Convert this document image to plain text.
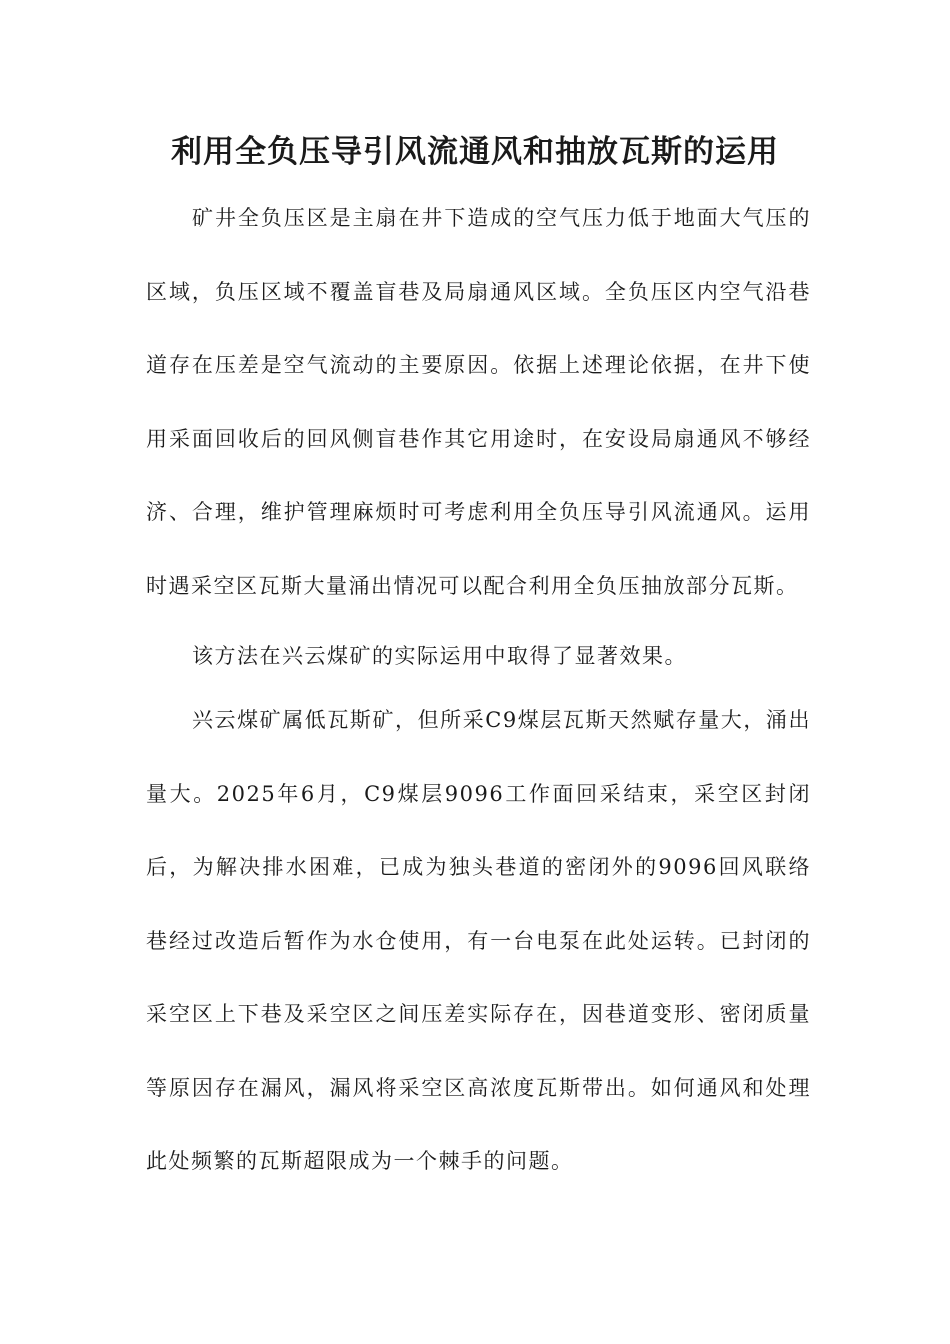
利用全负压导引风流通风和抽放瓦斯的运用

矿井全负压区是主扇在井下造成的空气压力低于地面大气压的区域，负压区域不覆盖盲巷及局扇通风区域。全负压区内空气沿巷道存在压差是空气流动的主要原因。依据上述理论依据，在井下使用采面回收后的回风侧盲巷作其它用途时，在安设局扇通风不够经济、合理，维护管理麻烦时可考虑利用全负压导引风流通风。运用时遇采空区瓦斯大量涌出情况可以配合利用全负压抽放部分瓦斯。

该方法在兴云煤矿的实际运用中取得了显著效果。

兴云煤矿属低瓦斯矿，但所采C9煤层瓦斯天然赋存量大，涌出量大。2025年6月，C9煤层9096工作面回采结束，采空区封闭后，为解决排水困难，已成为独头巷道的密闭外的9096回风联络巷经过改造后暂作为水仓使用，有一台电泵在此处运转。已封闭的采空区上下巷及采空区之间压差实际存在，因巷道变形、密闭质量等原因存在漏风，漏风将采空区高浓度瓦斯带出。如何通风和处理此处频繁的瓦斯超限成为一个棘手的问题。
